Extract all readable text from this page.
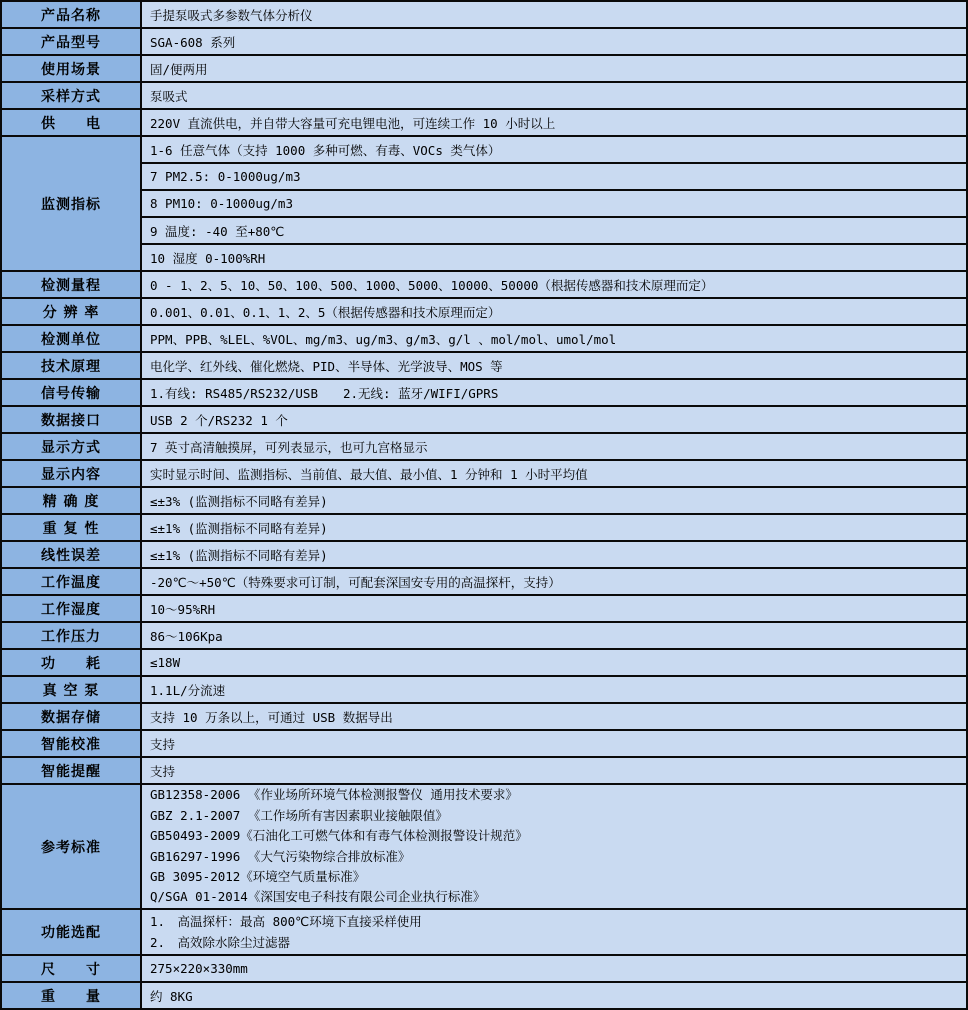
产品名称	手提泵吸式多参数气体分析仪
产品型号	SGA-608 系列
使用场景	固/便两用
采样方式	泵吸式
供　　电	220V 直流供电，并自带大容量可充电锂电池，可连续工作 10 小时以上
监测指标
1-6 任意气体（支持 1000 多种可燃、有毒、VOCs 类气体）
7 PM2.5: 0-1000ug/m3
8 PM10: 0-1000ug/m3
9 温度: -40 至+80℃
10 湿度 0-100%RH
检测量程	0 - 1、2、5、10、50、100、500、1000、5000、10000、50000（根据传感器和技术原理而定）
分 辨 率	0.001、0.01、0.1、1、2、5（根据传感器和技术原理而定）
检测单位	PPM、PPB、%LEL、%VOL、mg/m3、ug/m3、g/m3、g/l 、mol/mol、umol/mol
技术原理	电化学、红外线、催化燃烧、PID、半导体、光学波导、MOS 等
信号传输	1.有线: RS485/RS232/USB　　2.无线: 蓝牙/WIFI/GPRS
数据接口	USB 2 个/RS232 1 个
显示方式	7 英寸高清触摸屏，可列表显示，也可九宫格显示
显示内容	实时显示时间、监测指标、当前值、最大值、最小值、1 分钟和 1 小时平均值
精 确 度	≤±3% (监测指标不同略有差异)
重 复 性	≤±1% (监测指标不同略有差异)
线性误差	≤±1% (监测指标不同略有差异)
工作温度	-20℃～+50℃（特殊要求可订制，可配套深国安专用的高温探杆，支持）
工作湿度	10～95%RH
工作压力	86～106Kpa
功　　耗	≤18W
真 空 泵	1.1L/分流速
数据存储	支持 10 万条以上，可通过 USB 数据导出
智能校准	支持
智能提醒	支持
参考标准
GB12358-2006 《作业场所环境气体检测报警仪 通用技术要求》
GBZ 2.1-2007 《工作场所有害因素职业接触限值》
GB50493-2009《石油化工可燃气体和有毒气体检测报警设计规范》
GB16297-1996 《大气污染物综合排放标准》
GB 3095-2012《环境空气质量标准》
Q/SGA 01-2014《深国安电子科技有限公司企业执行标准》
功能选配
1.　高温探杆：最高 800℃环境下直接采样使用
2.　高效除水除尘过滤器
尺　　寸	275×220×330mm
重　　量	约 8KG
